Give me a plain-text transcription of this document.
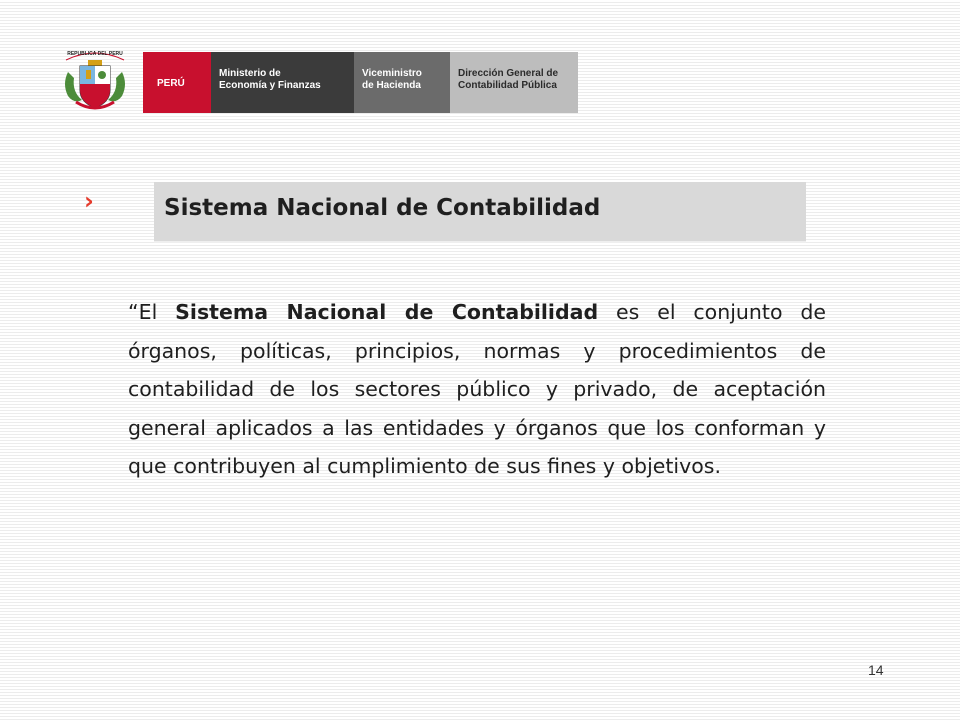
REPUBLICA DEL PERU
PERÚ
Ministerio de
Economía y Finanzas
Viceministro
de Hacienda
Dirección General de
Contabilidad Pública
›	Sistema Nacional de Contabilidad
“El Sistema Nacional de Contabilidad es el conjunto de órganos, políticas, principios, normas y procedimientos de contabilidad de los sectores público y privado, de aceptación general aplicados a las entidades y órganos que los conforman y que contribuyen al cumplimiento de sus fines y objetivos.
14
